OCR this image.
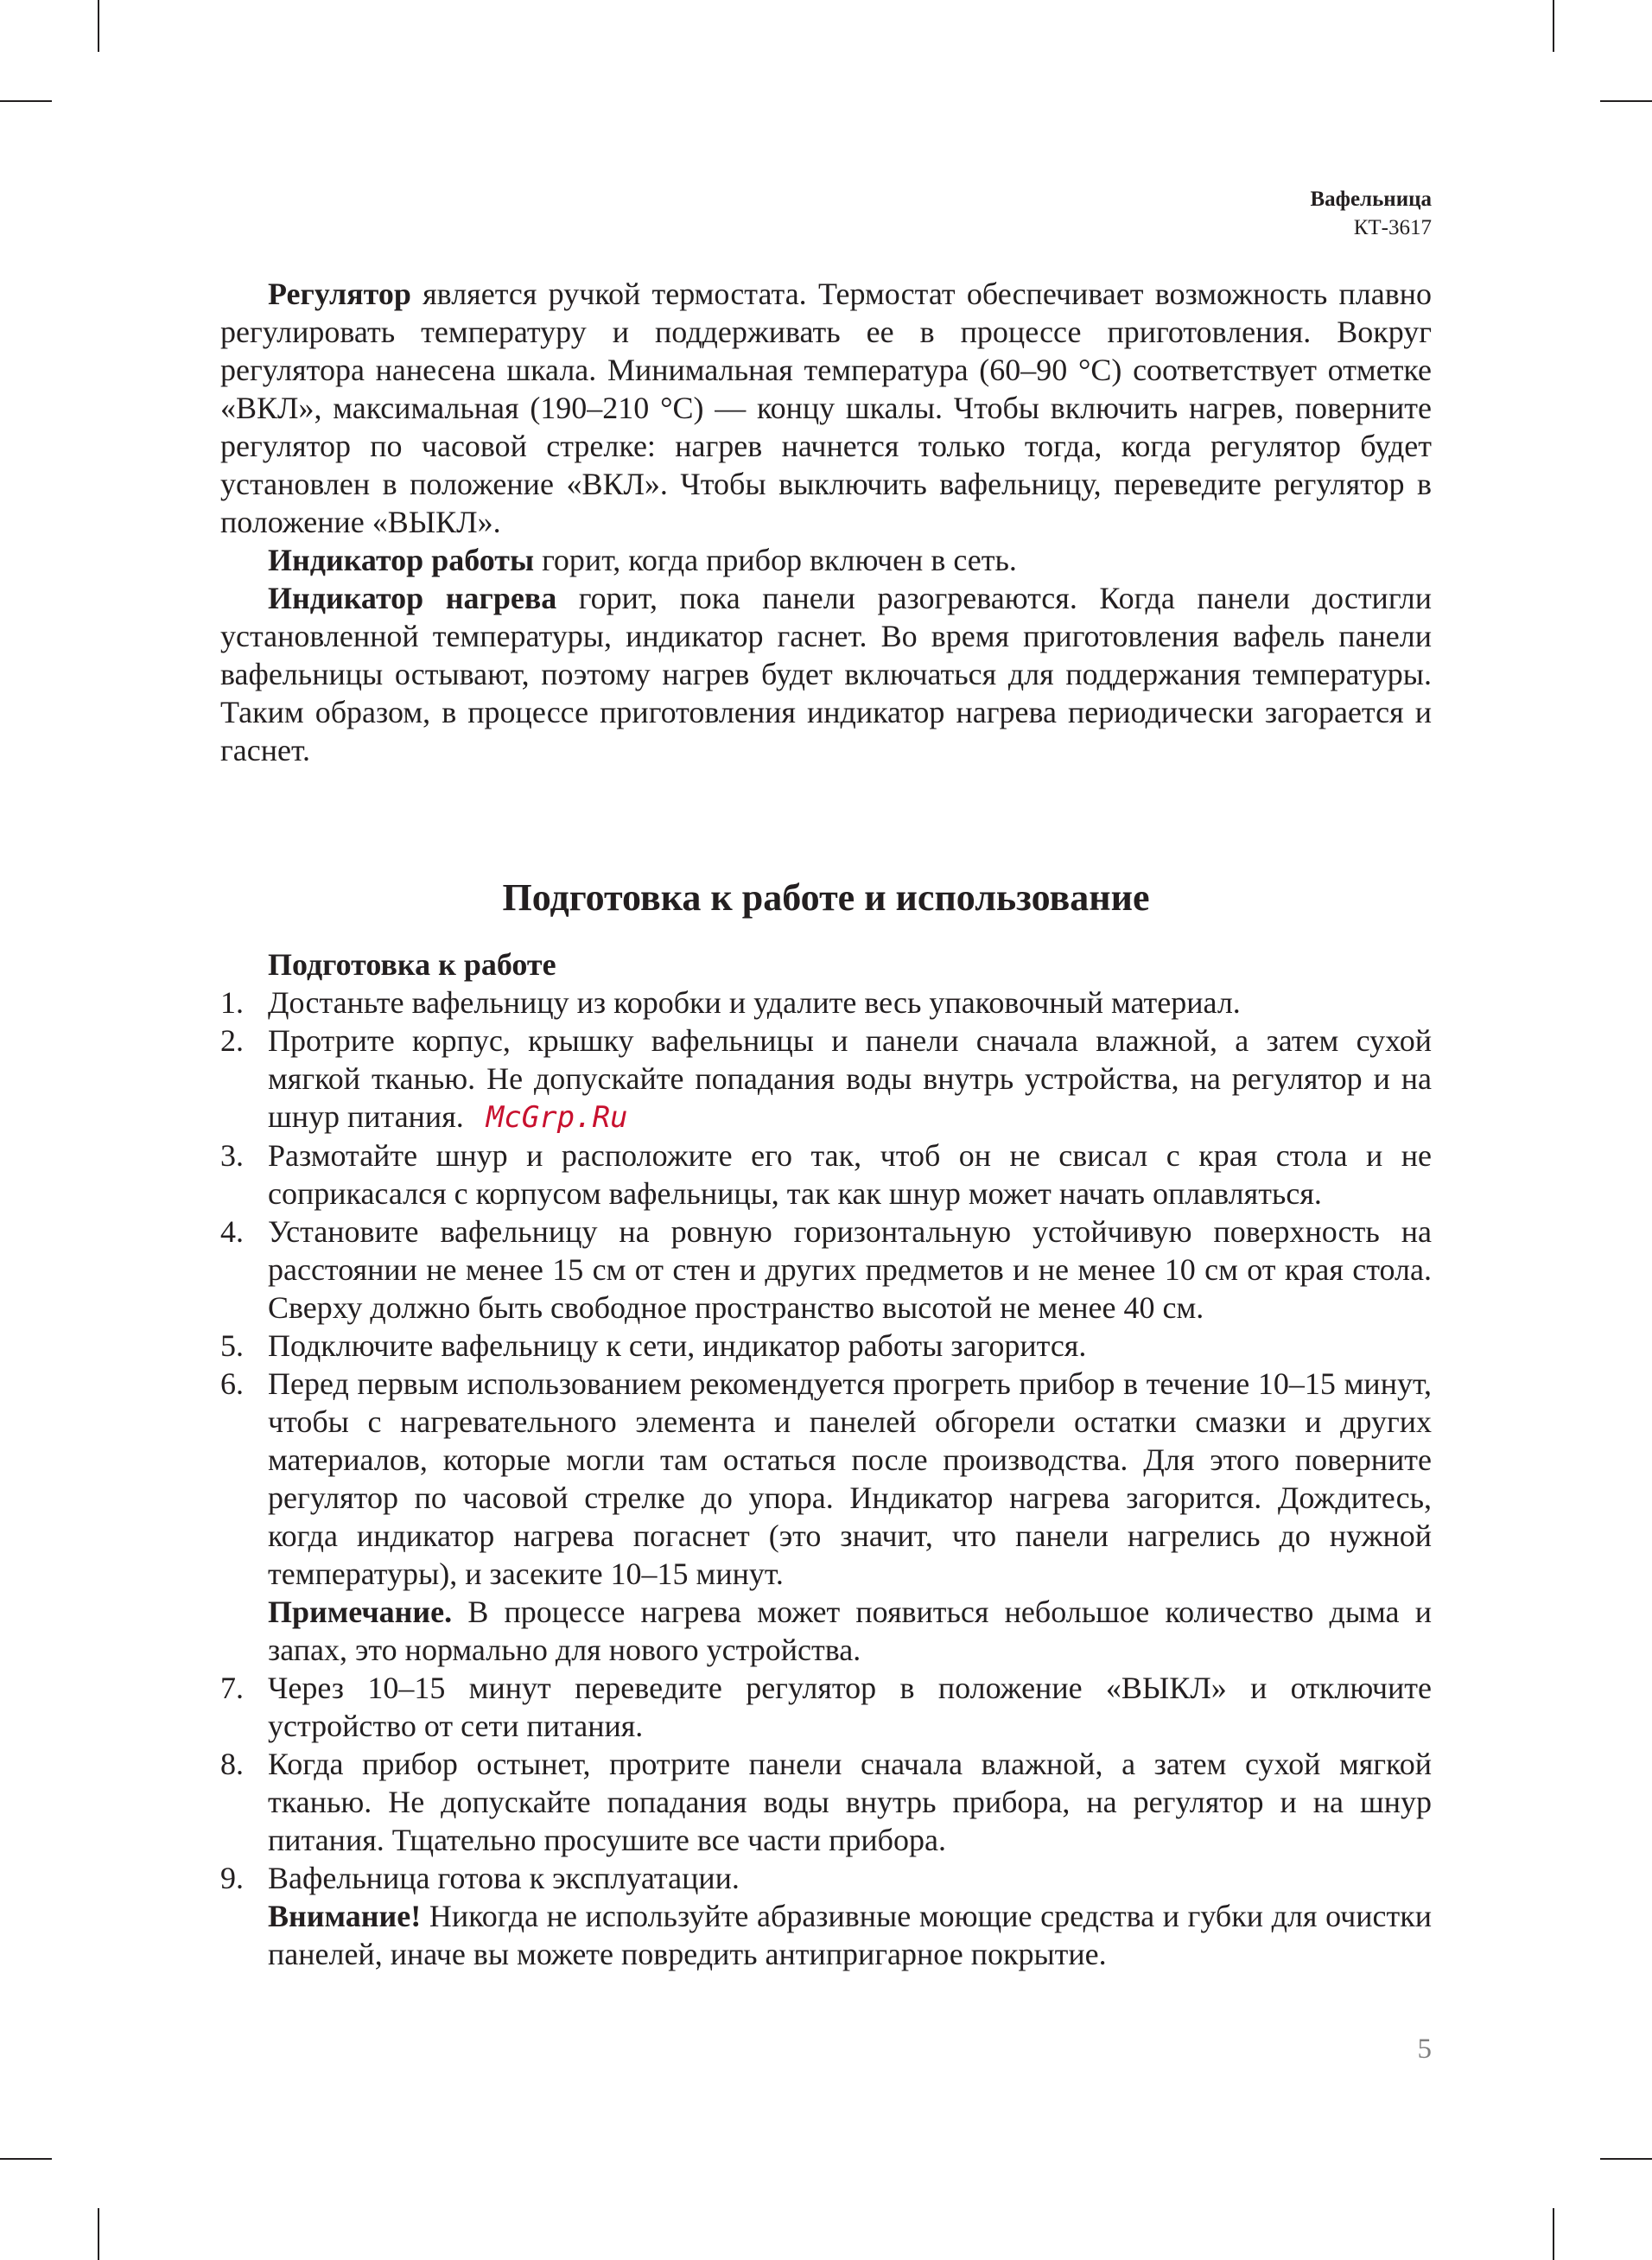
Вафельница
КТ-3617

Регулятор является ручкой термостата. Термостат обеспечивает возможность плавно регулировать температуру и поддерживать ее в процессе приготовления. Вокруг регулятора нанесена шкала. Минимальная температура (60–90 °С) соответствует отметке «ВКЛ», максимальная (190–210 °С) — концу шкалы. Чтобы включить нагрев, поверните регулятор по часовой стрелке: нагрев начнется только тогда, когда регулятор будет установлен в положение «ВКЛ». Чтобы выключить вафельницу, переведите регулятор в положение «ВЫКЛ».

Индикатор работы горит, когда прибор включен в сеть.

Индикатор нагрева горит, пока панели разогреваются. Когда панели достигли установленной температуры, индикатор гаснет. Во время приготовления вафель панели вафельницы остывают, поэтому нагрев будет включаться для поддержания температуры. Таким образом, в процессе приготовления индикатор нагрева периодически загорается и гаснет.

Подготовка к работе и использование
Подготовка к работе
1. Достаньте вафельницу из коробки и удалите весь упаковочный материал.
2. Протрите корпус, крышку вафельницы и панели сначала влажной, а затем сухой мягкой тканью. Не допускайте попадания воды внутрь устройства, на регулятор и на шнур питания. McGrp.Ru
3. Размотайте шнур и расположите его так, чтоб он не свисал с края стола и не соприкасался с корпусом вафельницы, так как шнур может начать оплавляться.
4. Установите вафельницу на ровную горизонтальную устойчивую поверхность на расстоянии не менее 15 см от стен и других предметов и не менее 10 см от края стола. Сверху должно быть свободное пространство высотой не менее 40 см.
5. Подключите вафельницу к сети, индикатор работы загорится.
6. Перед первым использованием рекомендуется прогреть прибор в течение 10–15 минут, чтобы с нагревательного элемента и панелей обгорели остатки смазки и других материалов, которые могли там остаться после производства. Для этого поверните регулятор по часовой стрелке до упора. Индикатор нагрева загорится. Дождитесь, когда индикатор нагрева погаснет (это значит, что панели нагрелись до нужной температуры), и засеките 10–15 минут.

Примечание. В процессе нагрева может появиться небольшое количество дыма и запах, это нормально для нового устройства.

7. Через 10–15 минут переведите регулятор в положение «ВЫКЛ» и отключите устройство от сети питания.
8. Когда прибор остынет, протрите панели сначала влажной, а затем сухой мягкой тканью. Не допускайте попадания воды внутрь прибора, на регулятор и на шнур питания. Тщательно просушите все части прибора.
9. Вафельница готова к эксплуатации.

Внимание! Никогда не используйте абразивные моющие средства и губки для очистки панелей, иначе вы можете повредить антипригарное покрытие.

5
